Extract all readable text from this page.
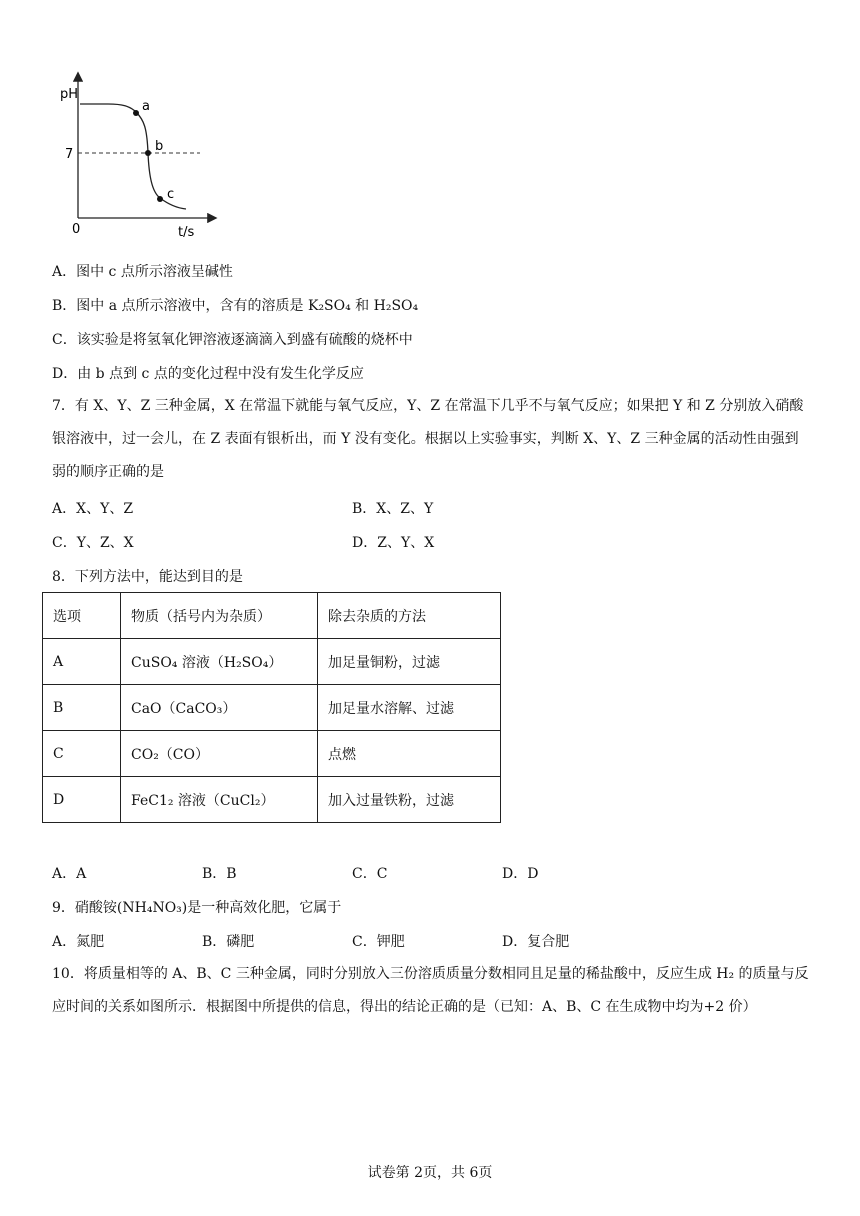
pH
t/s
0
7
a
b
c
A．图中 c 点所示溶液呈碱性
B．图中 a 点所示溶液中，含有的溶质是 K₂SO₄ 和 H₂SO₄
C．该实验是将氢氧化钾溶液逐滴滴入到盛有硫酸的烧杯中
D．由 b 点到 c 点的变化过程中没有发生化学反应
7．有 X、Y、Z 三种金属，X 在常温下就能与氧气反应，Y、Z 在常温下几乎不与氧气反应；如果把 Y 和 Z 分别放入硝酸银溶液中，过一会儿，在 Z 表面有银析出，而 Y 没有变化。根据以上实验事实，判断 X、Y、Z 三种金属的活动性由强到弱的顺序正确的是
A．X、Y、Z	B．X、Z、Y
C．Y、Z、X	D．Z、Y、X
8．下列方法中，能达到目的是
选项	物质（括号内为杂质）	除去杂质的方法
A	CuSO₄ 溶液（H₂SO₄）	加足量铜粉，过滤
B	CaO（CaCO₃）	加足量水溶解、过滤
C	CO₂（CO）	点燃
D	FeC1₂ 溶液（CuCl₂）	加入过量铁粉，过滤
A．A	B．B	C．C	D．D
9．硝酸铵(NH₄NO₃)是一种高效化肥，它属于
A．氮肥	B．磷肥	C．钾肥	D．复合肥
10．将质量相等的 A、B、C 三种金属，同时分别放入三份溶质质量分数相同且足量的稀盐酸中，反应生成 H₂ 的质量与反应时间的关系如图所示．根据图中所提供的信息，得出的结论正确的是（已知：A、B、C 在生成物中均为+2 价）
试卷第 2页，共 6页
